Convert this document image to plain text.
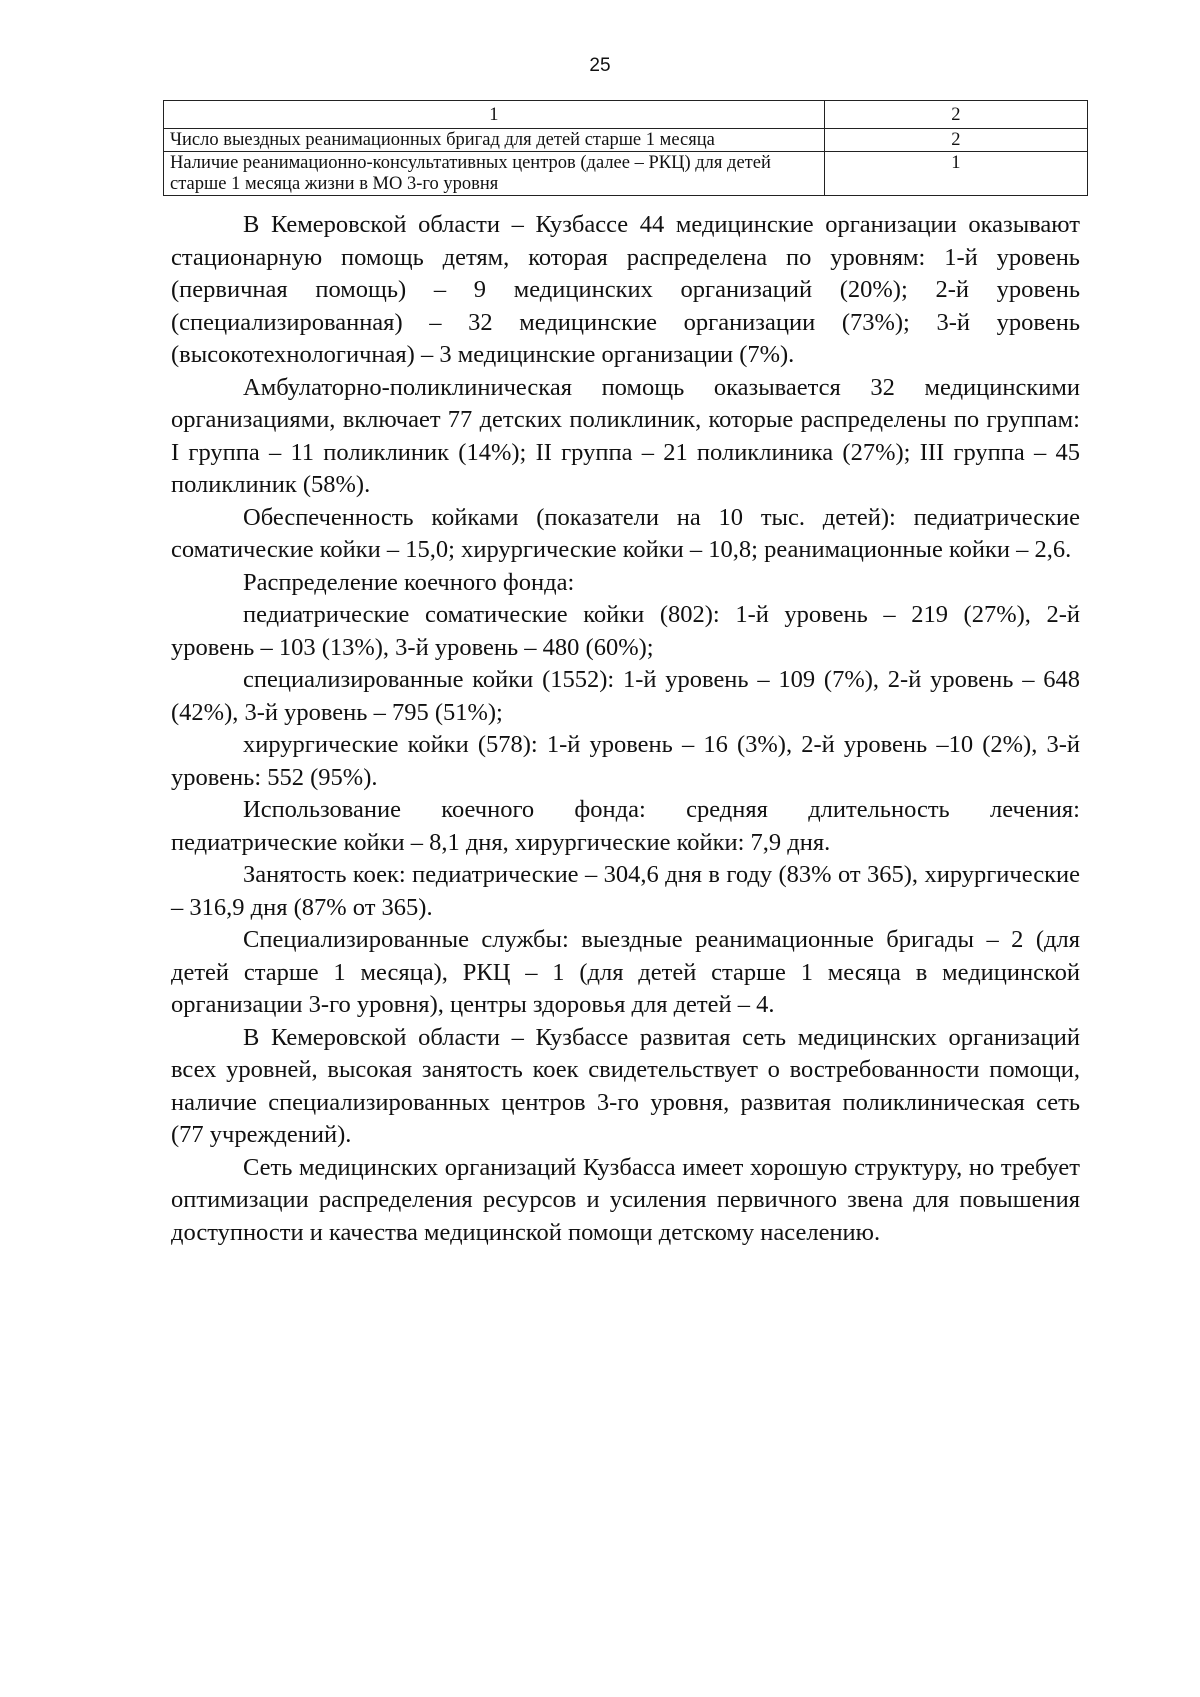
25
1	2
Число выездных реанимационных бригад для детей старше 1 месяца	2
Наличие реанимационно-консультативных центров (далее – РКЦ) для детей старше 1 месяца жизни в МО 3-го уровня	1

В Кемеровской области – Кузбассе 44 медицинские организации оказывают стационарную помощь детям, которая распределена по уровням: 1-й уровень (первичная помощь) – 9 медицинских организаций (20%); 2-й уровень (специализированная) – 32 медицинские организации (73%); 3-й уровень (высокотехнологичная) – 3 медицинские организации (7%).

Амбулаторно-поликлиническая помощь оказывается 32 медицинскими организациями, включает 77 детских поликлиник, которые распределены по группам: I группа – 11 поликлиник (14%); II группа – 21 поликлиника (27%); III группа – 45 поликлиник (58%).

Обеспеченность койками (показатели на 10 тыс. детей): педиатрические соматические койки – 15,0; хирургические койки – 10,8; реанимационные койки – 2,6.

Распределение коечного фонда:

педиатрические соматические койки (802): 1-й уровень – 219 (27%), 2-й уровень – 103 (13%), 3-й уровень – 480 (60%);

специализированные койки (1552): 1-й уровень – 109 (7%), 2-й уровень – 648 (42%), 3-й уровень – 795 (51%);

хирургические койки (578): 1-й уровень – 16 (3%), 2-й уровень –10 (2%), 3-й уровень: 552 (95%).

Использование коечного фонда: средняя длительность лечения: педиатрические койки – 8,1 дня, хирургические койки: 7,9 дня.

Занятость коек: педиатрические – 304,6 дня в году (83% от 365), хирургические – 316,9 дня (87% от 365).

Специализированные службы: выездные реанимационные бригады – 2 (для детей старше 1 месяца), РКЦ – 1 (для детей старше 1 месяца в медицинской организации 3-го уровня), центры здоровья для детей – 4.

В Кемеровской области – Кузбассе развитая сеть медицинских организаций всех уровней, высокая занятость коек свидетельствует о востребованности помощи, наличие специализированных центров 3-го уровня, развитая поликлиническая сеть (77 учреждений).

Сеть медицинских организаций Кузбасса имеет хорошую структуру, но требует оптимизации распределения ресурсов и усиления первичного звена для повышения доступности и качества медицинской помощи детскому населению.
